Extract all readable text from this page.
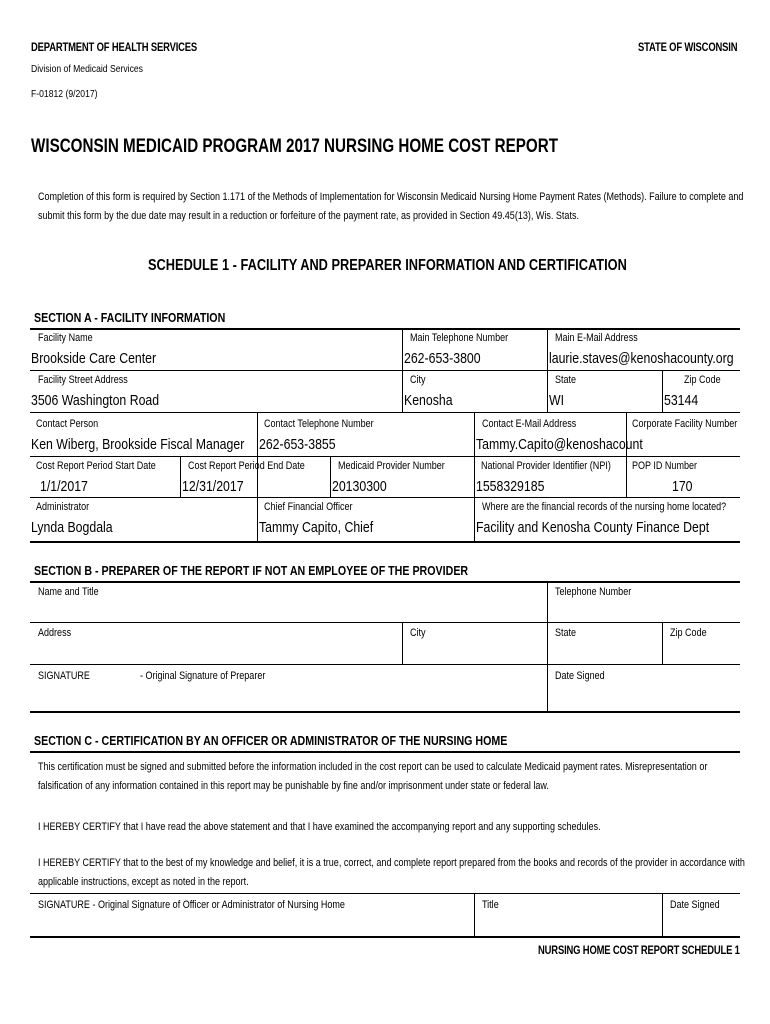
DEPARTMENT OF HEALTH SERVICES
Division of Medicaid Services
F-01812 (9/2017)
STATE OF WISCONSIN
WISCONSIN MEDICAID PROGRAM 2017 NURSING HOME COST REPORT
Completion of this form is required by Section 1.171 of the Methods of Implementation for Wisconsin Medicaid Nursing Home Payment Rates (Methods). Failure to complete and
submit this form by the due date may result in a reduction or forfeiture of the payment rate, as provided in Section 49.45(13), Wis. Stats.
SCHEDULE 1 - FACILITY AND PREPARER INFORMATION AND CERTIFICATION
SECTION A - FACILITY INFORMATION
Facility Name
Brookside Care Center
Main Telephone Number
262-653-3800
Main E-Mail Address
laurie.staves@kenoshacounty.org
Facility Street Address
3506 Washington Road
City
Kenosha
State
WI
Zip Code
53144
Contact Person
Ken Wiberg, Brookside Fiscal Manager
Contact Telephone Number
262-653-3855
Contact E-Mail Address
Tammy.Capito@kenoshacount
Corporate Facility Number
Cost Report Period Start Date
1/1/2017
Cost Report Period End Date
12/31/2017
Medicaid Provider Number
20130300
National Provider Identifier (NPI)
1558329185
POP ID Number
170
Administrator
Lynda Bogdala
Chief Financial Officer
Tammy Capito, Chief
Where are the financial records of the nursing home located?
Facility and Kenosha County Finance Dept
SECTION B - PREPARER OF THE REPORT IF NOT AN EMPLOYEE OF THE PROVIDER
Name and Title	Telephone Number
Address	City	State	Zip Code
SIGNATURE	- Original Signature of Preparer	Date Signed
SECTION C - CERTIFICATION BY AN OFFICER OR ADMINISTRATOR OF THE NURSING HOME
This certification must be signed and submitted before the information included in the cost report can be used to calculate Medicaid payment rates. Misrepresentation or
falsification of any information contained in this report may be punishable by fine and/or imprisonment under state or federal law.
I HEREBY CERTIFY that I have read the above statement and that I have examined the accompanying report and any supporting schedules.
I HEREBY CERTIFY that to the best of my knowledge and belief, it is a true, correct, and complete report prepared from the books and records of the provider in accordance with
applicable instructions, except as noted in the report.
SIGNATURE - Original Signature of Officer or Administrator of Nursing Home	Title	Date Signed
NURSING HOME COST REPORT SCHEDULE 1
